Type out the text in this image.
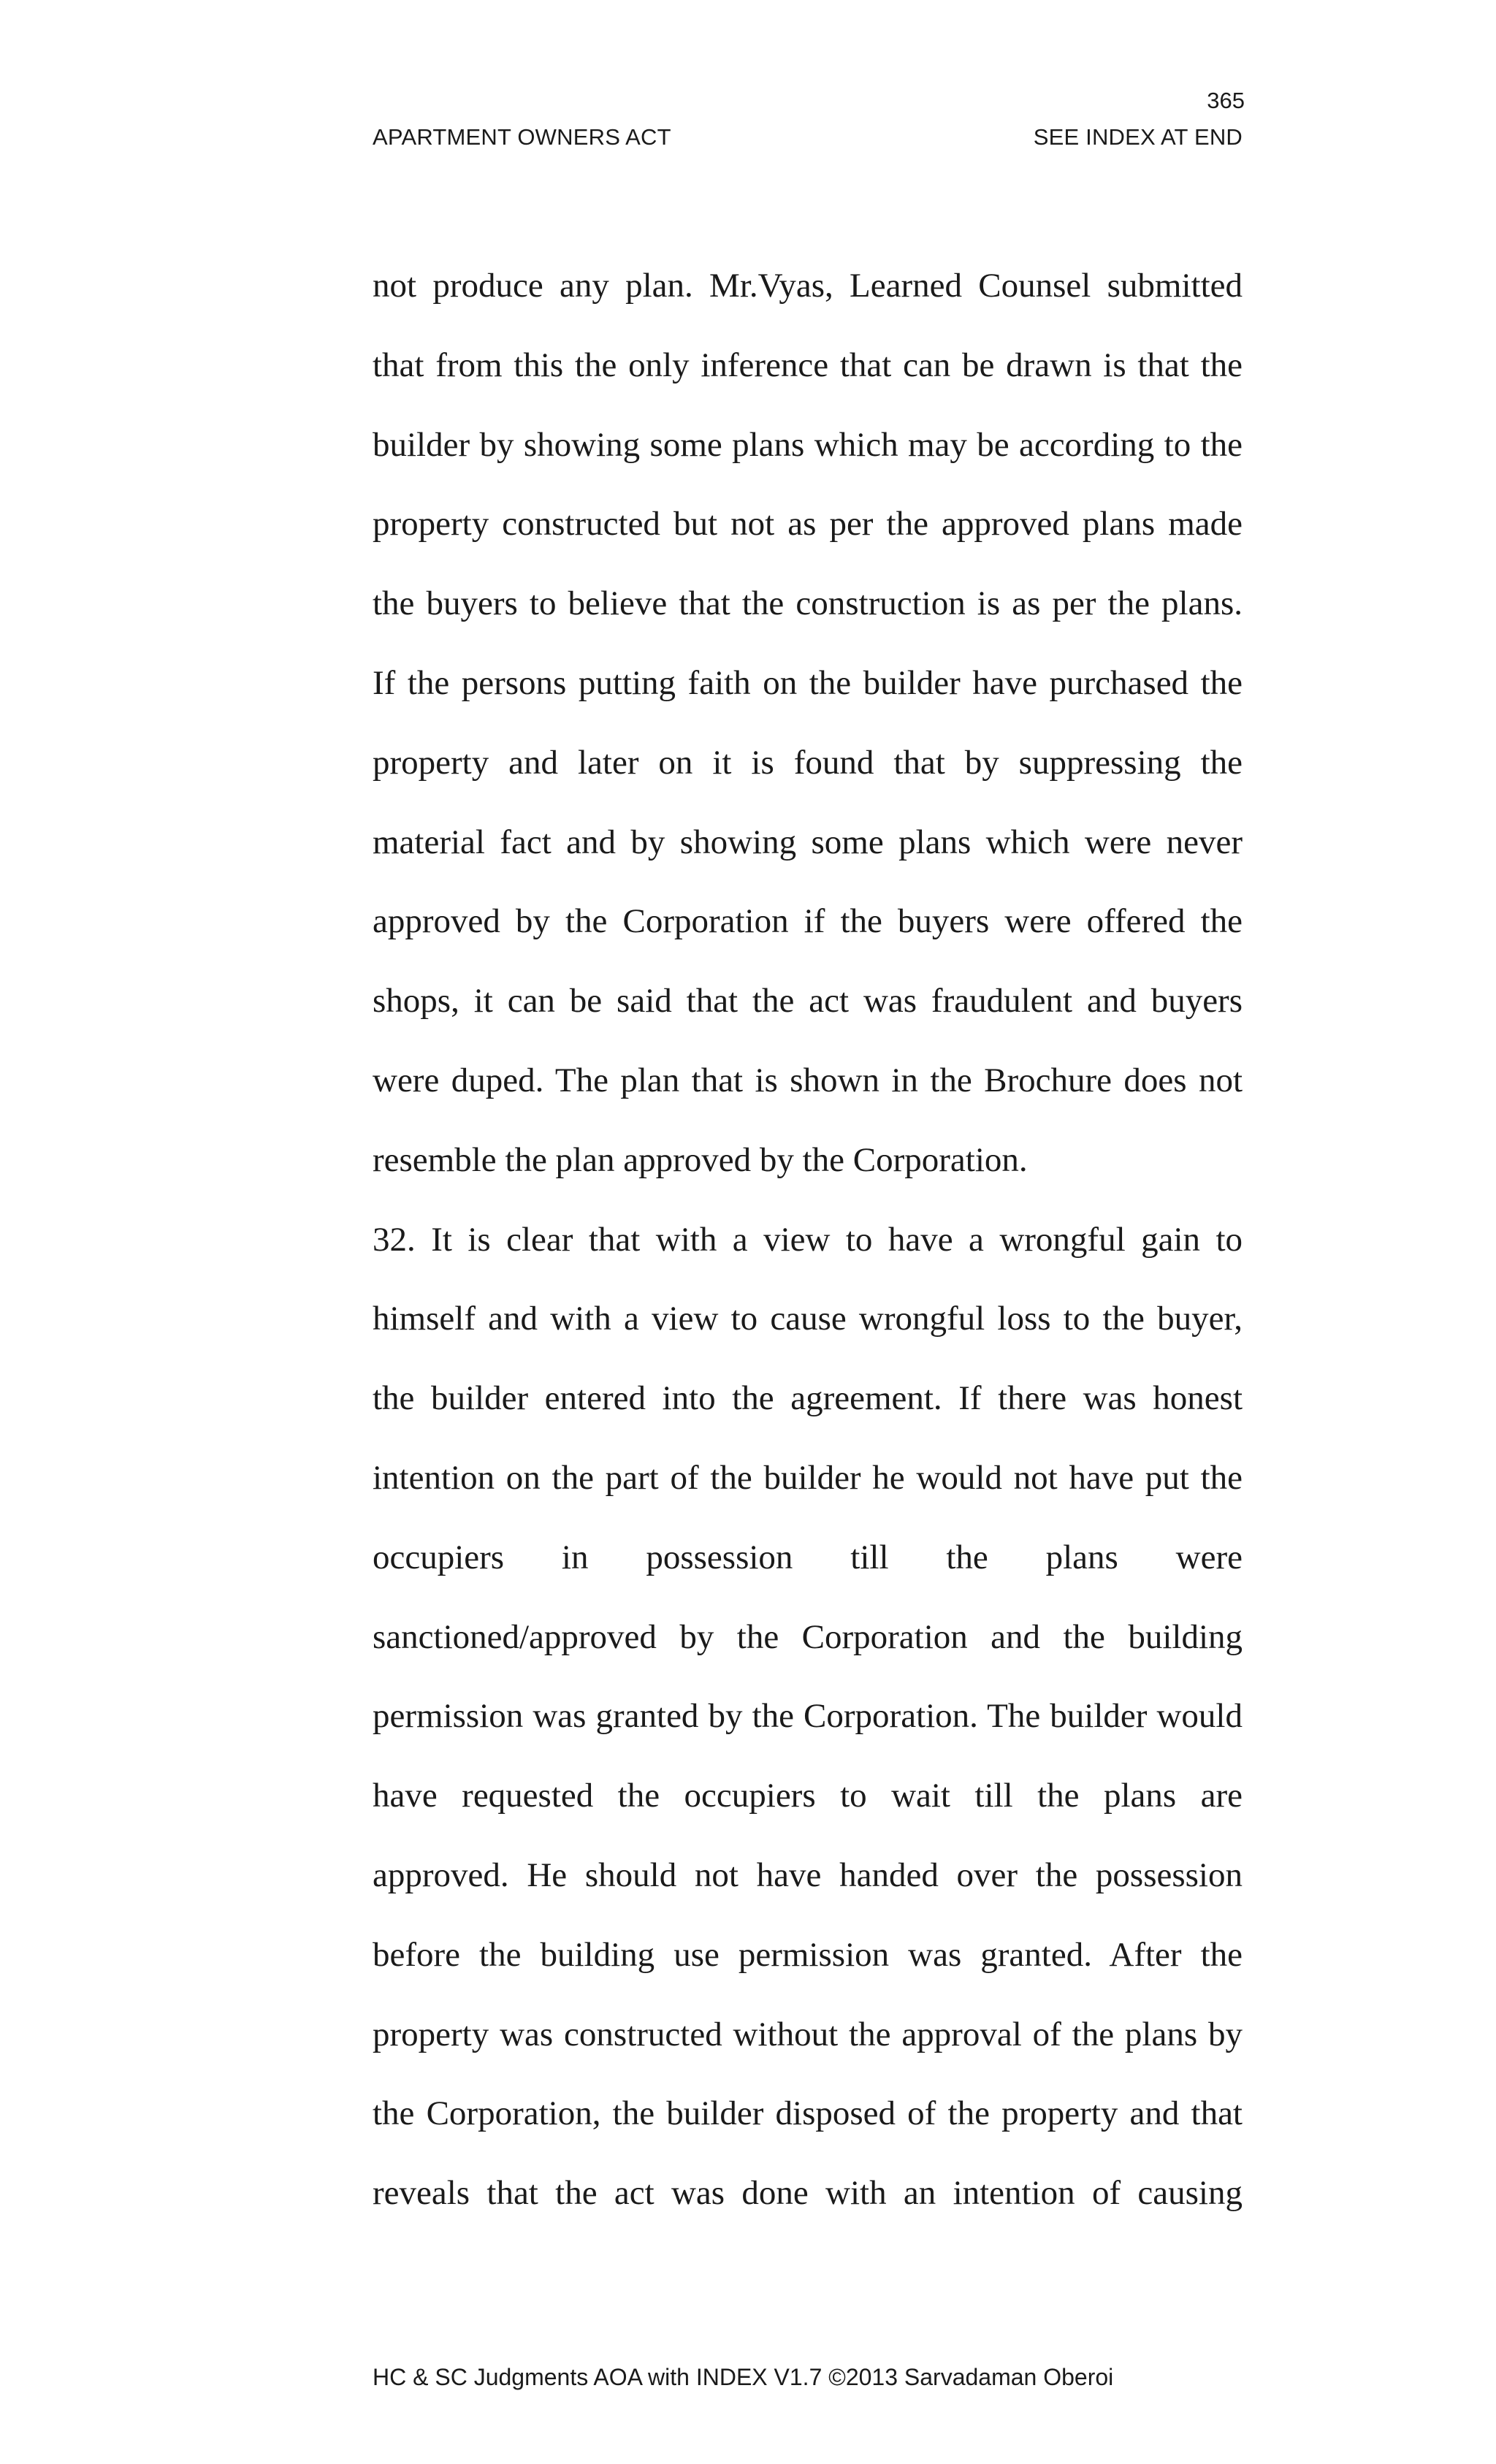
365
APARTMENT OWNERS ACT	SEE INDEX AT END
not produce any plan. Mr.Vyas, Learned Counsel submitted
that from this the only inference that can be drawn is that the
builder by showing some plans which may be according to the
property constructed but not as per the approved plans made
the buyers to believe that the construction is as per the plans.
If the persons putting faith on the builder have purchased the
property and later on it is found that by suppressing the
material fact and by showing some plans which were never
approved by the Corporation if the buyers were offered the
shops, it can be said that the act was fraudulent and buyers
were duped. The plan that is shown in the Brochure does not
resemble the plan approved by the Corporation.
32. It is clear that with a view to have a wrongful gain to
himself and with a view to cause wrongful loss to the buyer,
the builder entered into the agreement. If there was honest
intention on the part of the builder he would not have put the
occupiers in possession till the plans were
sanctioned/approved by the Corporation and the building
permission was granted by the Corporation. The builder would
have requested the occupiers to wait till the plans are
approved. He should not have handed over the possession
before the building use permission was granted. After the
property was constructed without the approval of the plans by
the Corporation, the builder disposed of the property and that
reveals that the act was done with an intention of causing
HC & SC Judgments AOA with INDEX V1.7 ©2013 Sarvadaman Oberoi
